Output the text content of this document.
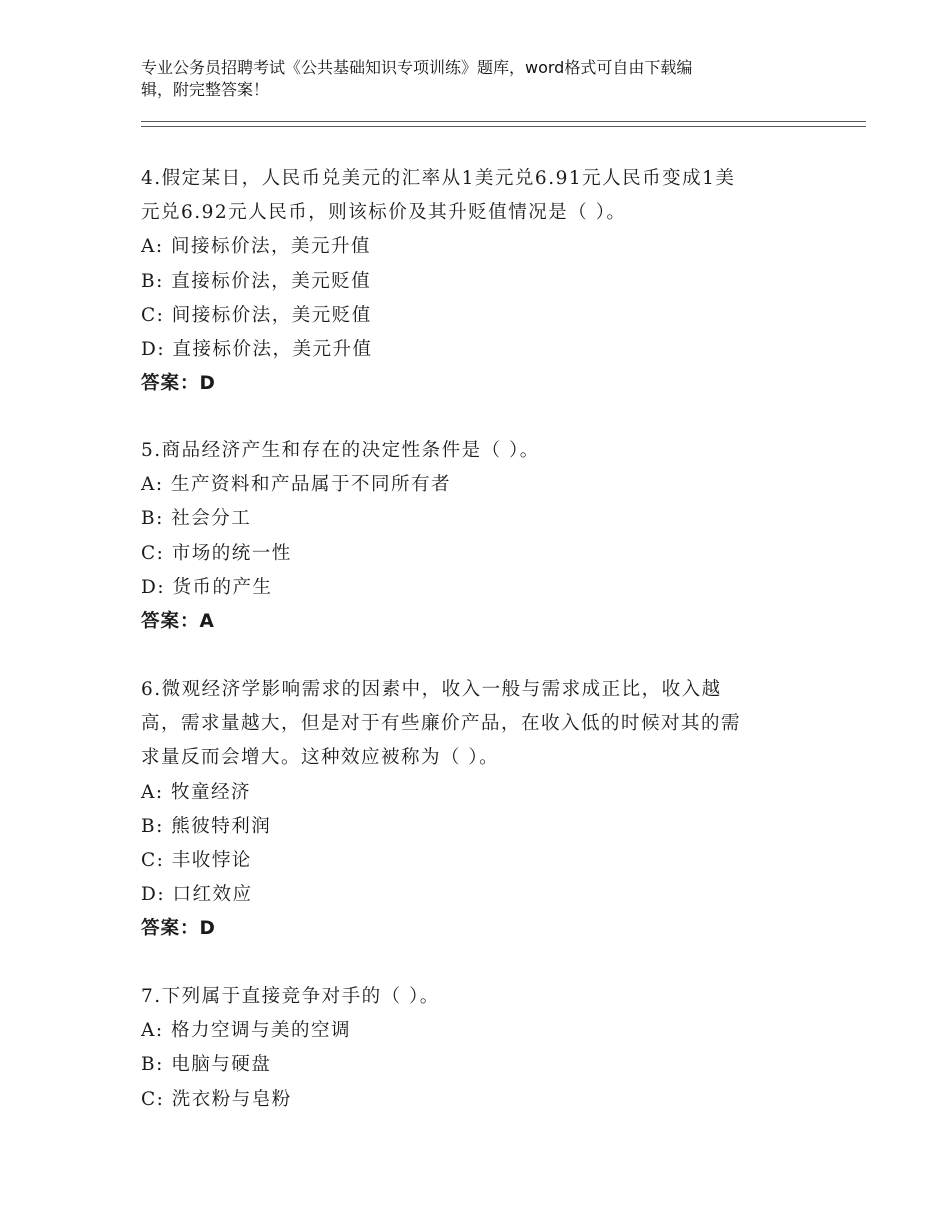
专业公务员招聘考试《公共基础知识专项训练》题库，word格式可自由下载编
辑，附完整答案！
4.假定某日，人民币兑美元的汇率从1美元兑6.91元人民币变成1美
元兑6.92元人民币，则该标价及其升贬值情况是（ ）。
A: 间接标价法，美元升值
B: 直接标价法，美元贬值
C: 间接标价法，美元贬值
D: 直接标价法，美元升值
答案：D
5.商品经济产生和存在的决定性条件是（ ）。
A: 生产资料和产品属于不同所有者
B: 社会分工
C: 市场的统一性
D: 货币的产生
答案：A
6.微观经济学影响需求的因素中，收入一般与需求成正比，收入越
高，需求量越大，但是对于有些廉价产品，在收入低的时候对其的需
求量反而会增大。这种效应被称为（ ）。
A: 牧童经济
B: 熊彼特利润
C: 丰收悖论
D: 口红效应
答案：D
7.下列属于直接竞争对手的（ ）。
A: 格力空调与美的空调
B: 电脑与硬盘
C: 洗衣粉与皂粉
